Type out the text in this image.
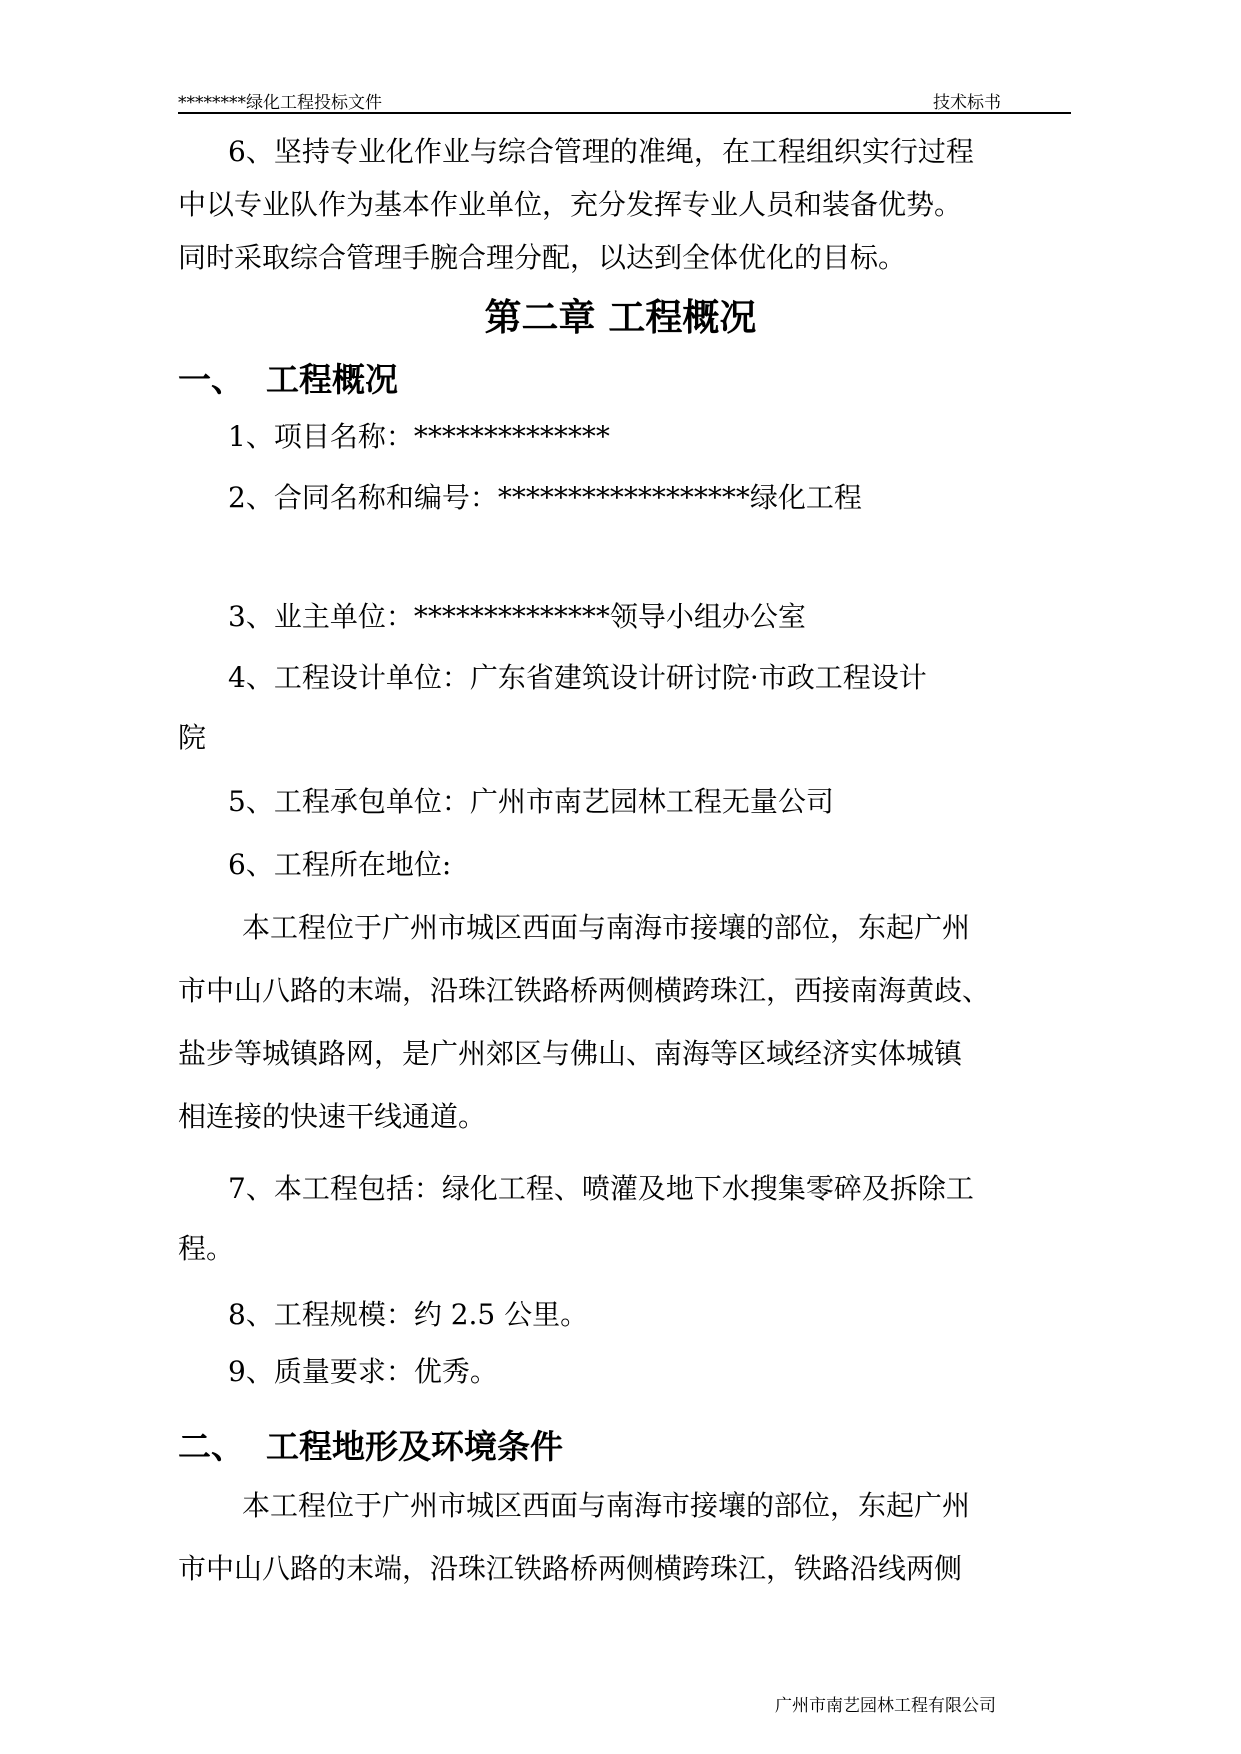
********绿化工程投标文件	技术标书
6、坚持专业化作业与综合管理的准绳，在工程组织实行过程
中以专业队作为基本作业单位，充分发挥专业人员和装备优势。
同时采取综合管理手腕合理分配，以达到全体优化的目标。
第二章 工程概况
一、 工程概况
1、项目名称：**************
2、合同名称和编号：******************绿化工程
3、业主单位：**************领导小组办公室
4、工程设计单位：广东省建筑设计研讨院·市政工程设计
院
5、工程承包单位：广州市南艺园林工程无量公司
6、工程所在地位:
本工程位于广州市城区西面与南海市接壤的部位，东起广州
市中山八路的末端，沿珠江铁路桥两侧横跨珠江，西接南海黄歧、
盐步等城镇路网，是广州郊区与佛山、南海等区域经济实体城镇
相连接的快速干线通道。
7、本工程包括：绿化工程、喷灌及地下水搜集零碎及拆除工
程。
8、工程规模：约 2.5 公里。
9、质量要求：优秀。
二、 工程地形及环境条件
本工程位于广州市城区西面与南海市接壤的部位，东起广州
市中山八路的末端，沿珠江铁路桥两侧横跨珠江，铁路沿线两侧
广州市南艺园林工程有限公司
